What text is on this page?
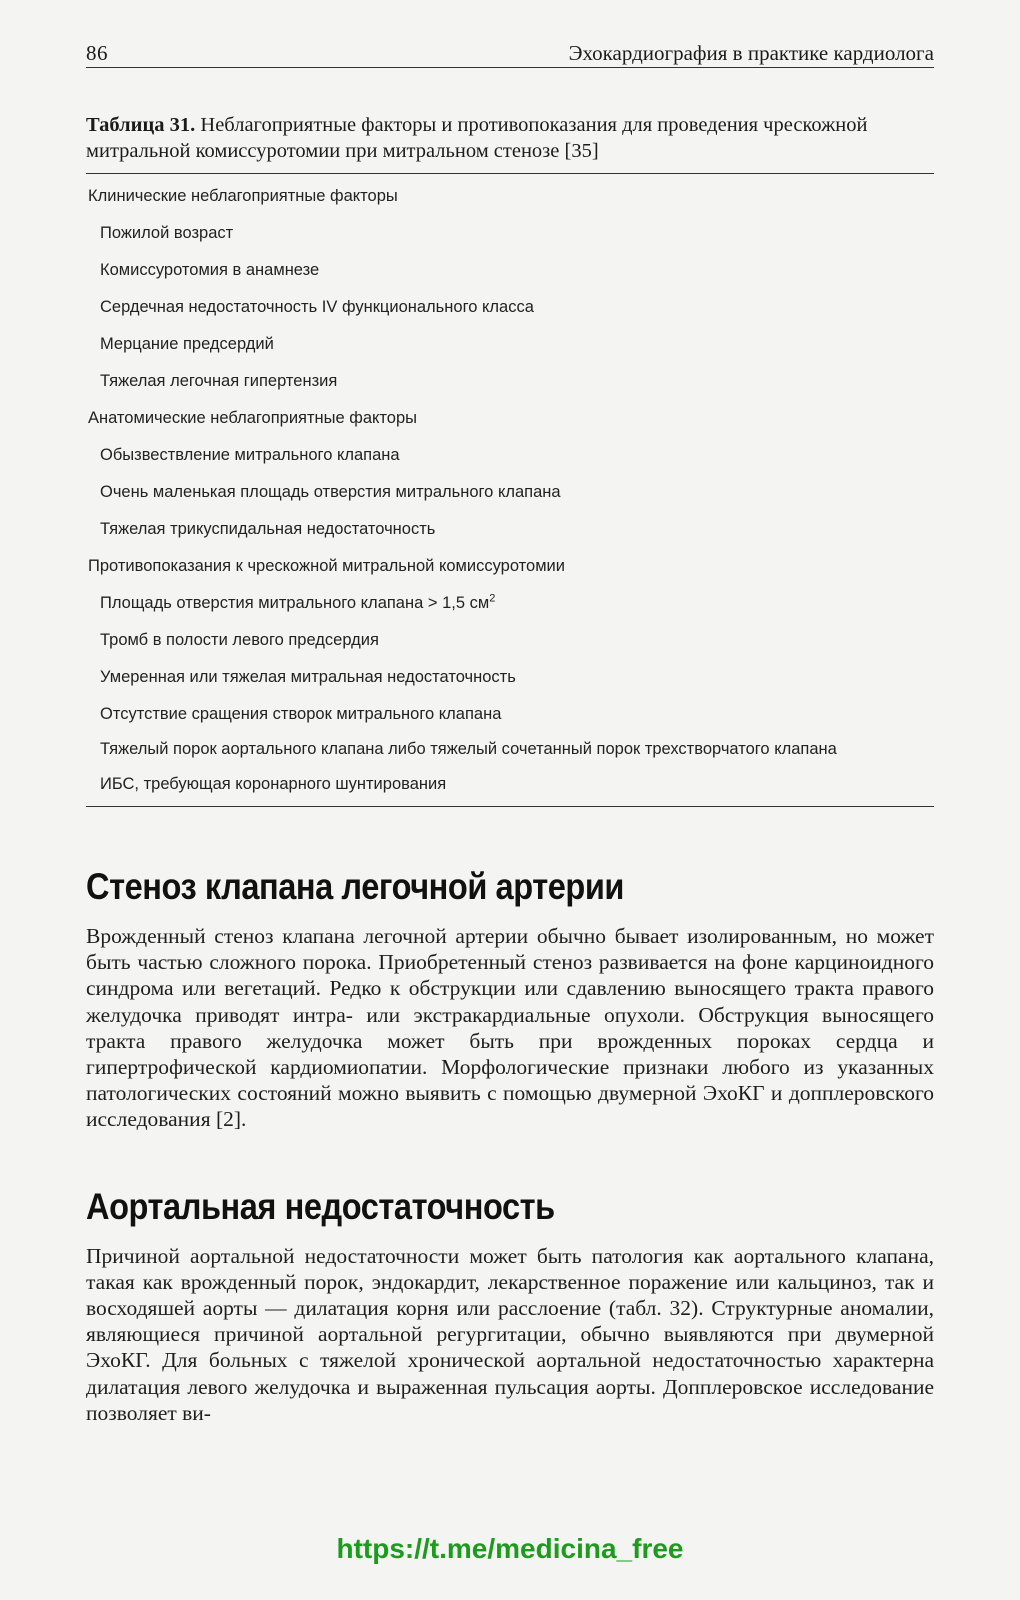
86	Эхокардиография в практике кардиолога
Таблица 31. Неблагоприятные факторы и противопоказания для проведения чрескожной митральной комиссуротомии при митральном стенозе [35]
Клинические неблагоприятные факторы
Пожилой возраст
Комиссуротомия в анамнезе
Сердечная недостаточность IV функционального класса
Мерцание предсердий
Тяжелая легочная гипертензия
Анатомические неблагоприятные факторы
Обызвествление митрального клапана
Очень маленькая площадь отверстия митрального клапана
Тяжелая трикуспидальная недостаточность
Противопоказания к чрескожной митральной комиссуротомии
Площадь отверстия митрального клапана > 1,5 $см^2$
Тромб в полости левого предсердия
Умеренная или тяжелая митральная недостаточность
Отсутствие сращения створок митрального клапана
Тяжелый порок аортального клапана либо тяжелый сочетанный порок трехстворчатого клапана
ИБС, требующая коронарного шунтирования
Стеноз клапана легочной артерии

Врожденный стеноз клапана легочной артерии обычно бывает изолированным, но может быть частью сложного порока. Приобретенный стеноз развивается на фоне карциноидного синдрома или вегетаций. Редко к обструкции или сдавлению выносящего тракта правого желудочка приводят интра- или экстракардиальные опухоли. Обструкция выносящего тракта правого желудочка может быть при врожденных пороках сердца и гипертрофической кардиомиопатии. Морфологические признаки любого из указанных патологических состояний можно выявить с помощью двумерной ЭхоКГ и допплеровского исследования [2].

Аортальная недостаточность

Причиной аортальной недостаточности может быть патология как аортального клапана, такая как врожденный порок, эндокардит, лекарственное поражение или кальциноз, так и восходяшей аорты — дилатация корня или расслоение (табл. 32). Структурные аномалии, являющиеся причиной аортальной регургитации, обычно выявляются при двумерной ЭхоКГ. Для больных с тяжелой хронической аортальной недостаточностью характерна дилатация левого желудочка и выраженная пульсация аорты. Допплеровское исследование позволяет ви-

https://t.me/medicina_free
